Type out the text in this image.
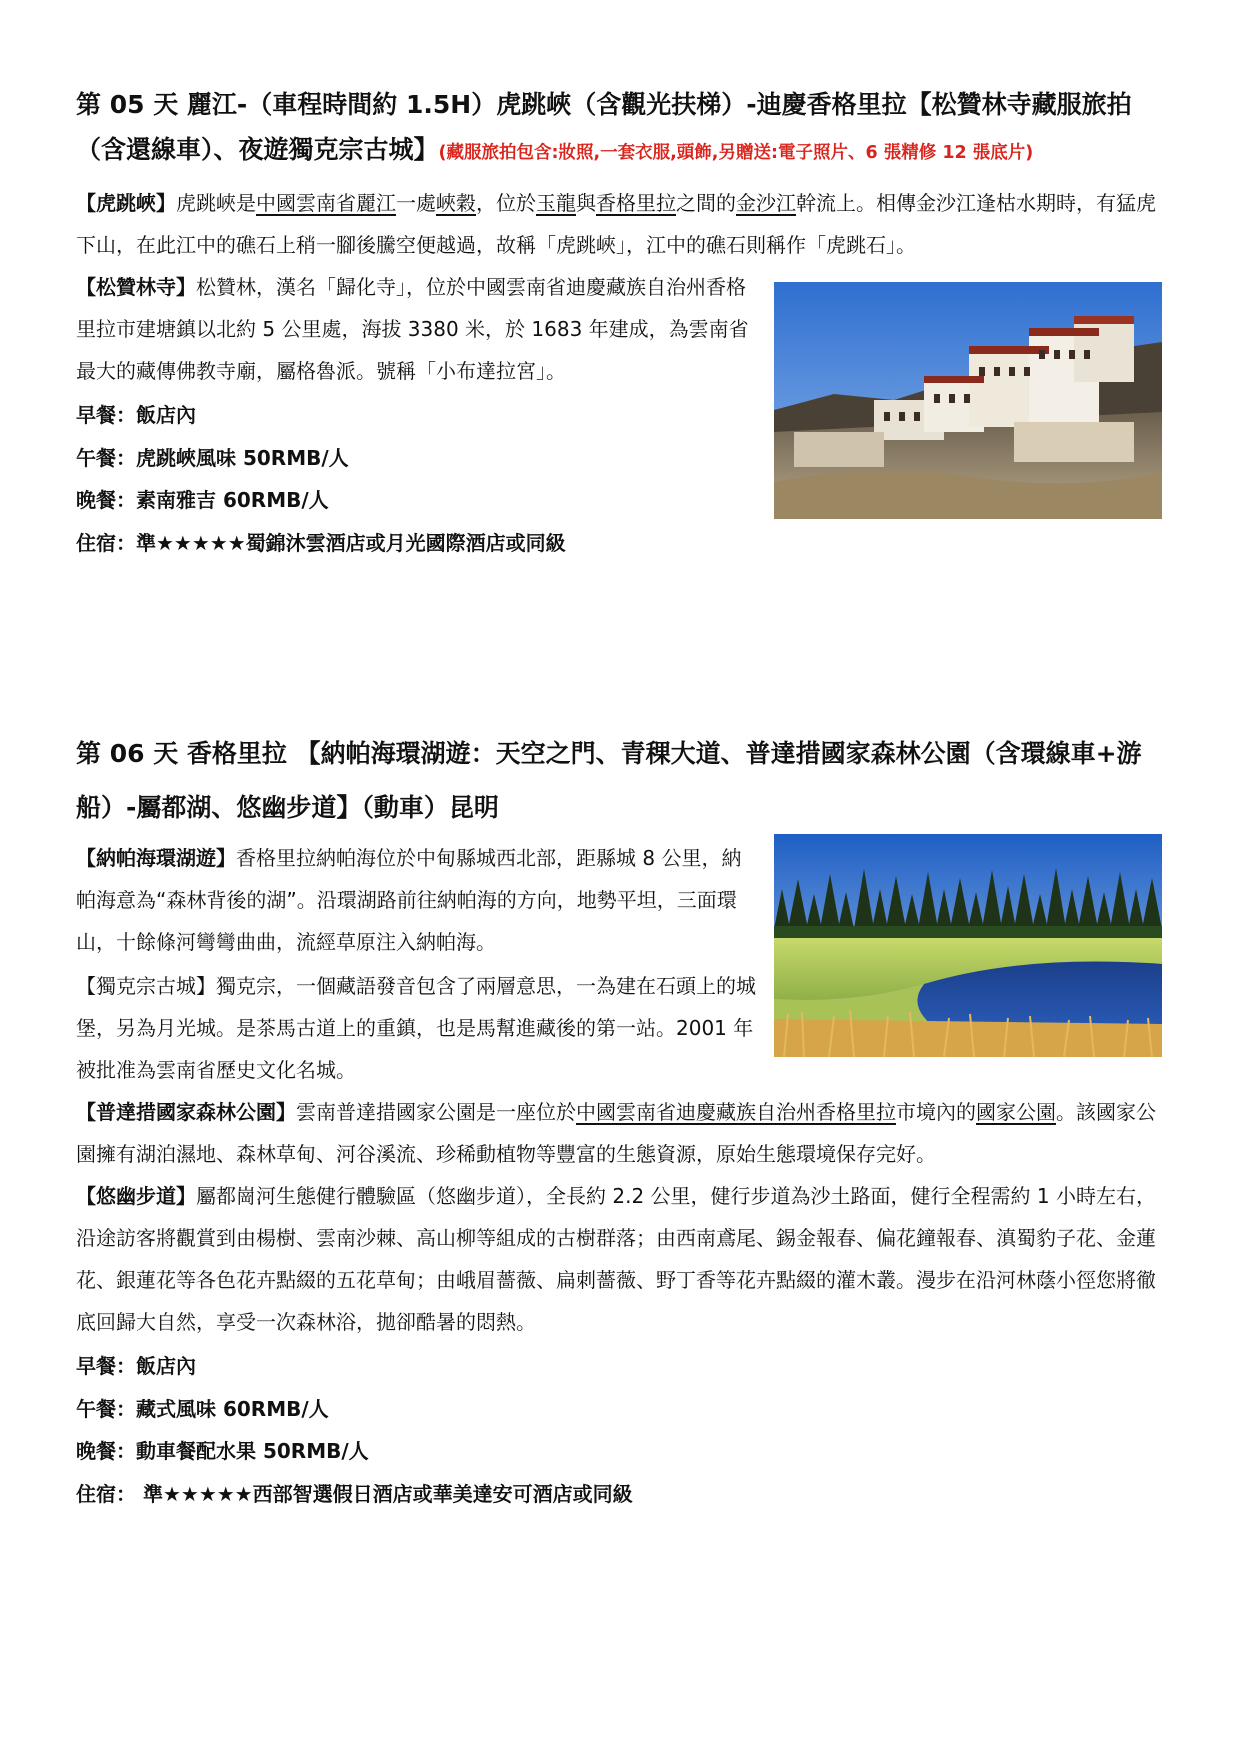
第 05 天 麗江-（車程時間約 1.5H）虎跳峽（含觀光扶梯）-迪慶香格里拉【松贊林寺藏服旅拍（含還線車）、夜遊獨克宗古城】(藏服旅拍包含:妝照,一套衣服,頭飾,另贈送:電子照片、6 張精修 12 張底片)

【虎跳峽】虎跳峽是中國雲南省麗江一處峽穀，位於玉龍與香格里拉之間的金沙江幹流上。相傳金沙江逢枯水期時，有猛虎下山，在此江中的礁石上稍一腳後騰空便越過，故稱「虎跳峽」，江中的礁石則稱作「虎跳石」。

【松贊林寺】松贊林，漢名「歸化寺」，位於中國雲南省迪慶藏族自治州香格里拉市建塘鎮以北約 5 公里處，海拔 3380 米，於 1683 年建成，為雲南省最大的藏傳佛教寺廟，屬格魯派。號稱「小布達拉宮」。

早餐：飯店內

午餐：虎跳峽風味 50RMB/人

晚餐：素南雅吉 60RMB/人

住宿：準★★★★★蜀錦沐雲酒店或月光國際酒店或同級

第 06 天 香格里拉 【納帕海環湖遊：天空之門、青稞大道、普達措國家森林公園（含環線車+游船）-屬都湖、悠幽步道】（動車）昆明

【納帕海環湖遊】香格里拉納帕海位於中甸縣城西北部，距縣城 8 公里，納帕海意為“森林背後的湖”。沿環湖路前往納帕海的方向，地勢平坦，三面環山，十餘條河彎彎曲曲，流經草原注入納帕海。

【獨克宗古城】獨克宗，一個藏語發音包含了兩層意思，一為建在石頭上的城堡，另為月光城。是茶馬古道上的重鎮，也是馬幫進藏後的第一站。2001 年被批准為雲南省歷史文化名城。

【普達措國家森林公園】雲南普達措國家公園是一座位於中國雲南省迪慶藏族自治州香格里拉市境內的國家公園。該國家公園擁有湖泊濕地、森林草甸、河谷溪流、珍稀動植物等豐富的生態資源，原始生態環境保存完好。

【悠幽步道】屬都崗河生態健行體驗區（悠幽步道），全長約 2.2 公里，健行步道為沙土路面，健行全程需約 1 小時左右，沿途訪客將觀賞到由楊樹、雲南沙棘、高山柳等組成的古樹群落；由西南鳶尾、錫金報春、偏花鐘報春、滇蜀豹子花、金蓮花、銀蓮花等各色花卉點綴的五花草甸；由峨眉薔薇、扁刺薔薇、野丁香等花卉點綴的灌木叢。漫步在沿河林蔭小徑您將徹底回歸大自然，享受一次森林浴，拋卻酷暑的悶熱。

早餐：飯店內

午餐：藏式風味 60RMB/人

晚餐：動車餐配水果 50RMB/人

住宿： 準★★★★★西部智選假日酒店或華美達安可酒店或同級
